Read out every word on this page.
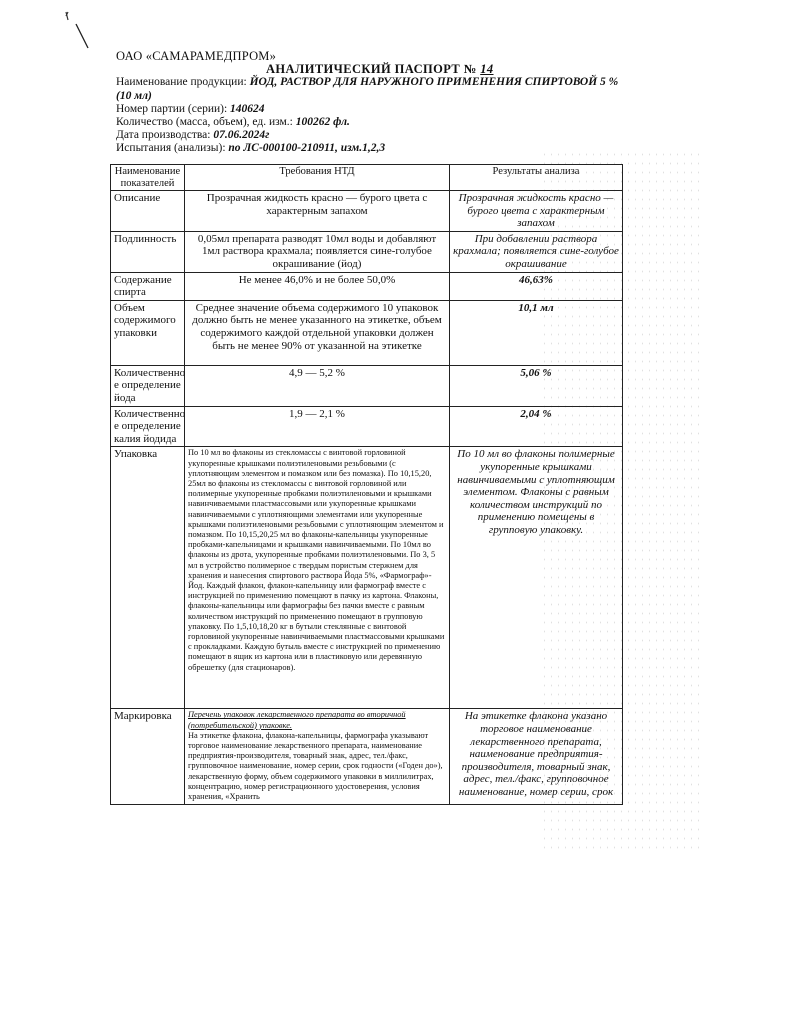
ОАО «САМАРАМЕДПРОМ»
АНАЛИТИЧЕСКИЙ ПАСПОРТ № 14
Наименование продукции: ЙОД, РАСТВОР ДЛЯ НАРУЖНОГО ПРИМЕНЕНИЯ СПИРТОВОЙ 5 %
(10 мл)
Номер партии (серии): 140624
Количество (масса, объем), ед. изм.: 100262 фл.
Дата производства: 07.06.2024г
Испытания (анализы): по ЛС-000100-210911, изм.1,2,3
Наименование показателей	Требования НТД	Результаты анализа
Описание	Прозрачная жидкость красно — бурого цвета с характерным запахом	Прозрачная жидкость красно — бурого цвета с характерным запахом
Подлинность	0,05мл препарата разводят 10мл воды и добавляют 1мл раствора крахмала; появляется сине-голубое окрашивание (йод)	При добавлении раствора крахмала; появляется сине-голубое окрашивание
Содержание спирта	Не менее 46,0% и не более 50,0%	46,63%
Объем содержимого упаковки	Среднее значение объема содержимого 10 упаковок должно быть не менее указанного на этикетке, объем содержимого каждой отдельной упаковки должен быть не менее 90% от указанной на этикетке	10,1 мл
Количественно е определение йода	4,9 — 5,2 %	5,06 %
Количественно е определение калия йодида	1,9 — 2,1 %	2,04 %
Упаковка	По 10 мл во флаконы из стекломассы с винтовой горловиной укупоренные крышками полиэтиленовыми резьбовыми (с уплотняющим элементом и помазком или без помазка). По 10,15,20, 25мл во флаконы из стекломассы с винтовой горловиной или полимерные укупоренные пробками полиэтиленовыми и крышками навинчиваемыми пластмассовыми или укупоренные крышками навинчиваемыми с уплотняющими элементами или укупоренные крышками полиэтиленовыми резьбовыми с уплотняющим элементом и помазком. По 10,15,20,25 мл во флаконы-капельницы укупоренные пробками-капельницами и крышками навинчиваемыми. По 10мл во флаконы из дрота, укупоренные пробками полиэтиленовыми. По 3, 5 мл в устройство полимерное с твердым пористым стержнем для хранения и нанесения спиртового раствора Йода 5%, «Фармограф»-Йод. Каждый флакон, флакон-капельницу или фармограф вместе с инструкцией по применению помещают в пачку из картона. Флаконы, флаконы-капельницы или фармографы без пачки вместе с равным количеством инструкций по применению помещают в групповую упаковку. По 1,5,10,18,20 кг в бутыли стеклянные с винтовой горловиной укупоренные навинчиваемыми пластмассовыми крышками с прокладками. Каждую бутыль вместе с инструкцией по применению помещают в ящик из картона или в пластиковую или деревянную обрешетку (для стационаров).	По 10 мл во флаконы полимерные укупоренные крышками навинчиваемыми с уплотняющим элементом. Флаконы с равным количеством инструкций по применению помещены в групповую упаковку.
Маркировка	Перечень упаковок лекарственного препарата во вторичной (потребительской) упаковке.
На этикетке флакона, флакона-капельницы, фармографа указывают торговое наименование лекарственного препарата, наименование предприятия-производителя, товарный знак, адрес, тел./факс, групповочное наименование, номер серии, срок годности («Годен до»), лекарственную форму, объем содержимого упаковки в миллилитрах, концентрацию, номер регистрационного удостоверения, условия хранения, «Хранить	На этикетке флакона указано торговое наименование лекарственного препарата, наименование предприятия-производителя, товарный знак, адрес, тел./факс, групповочное наименование, номер серии, срок
